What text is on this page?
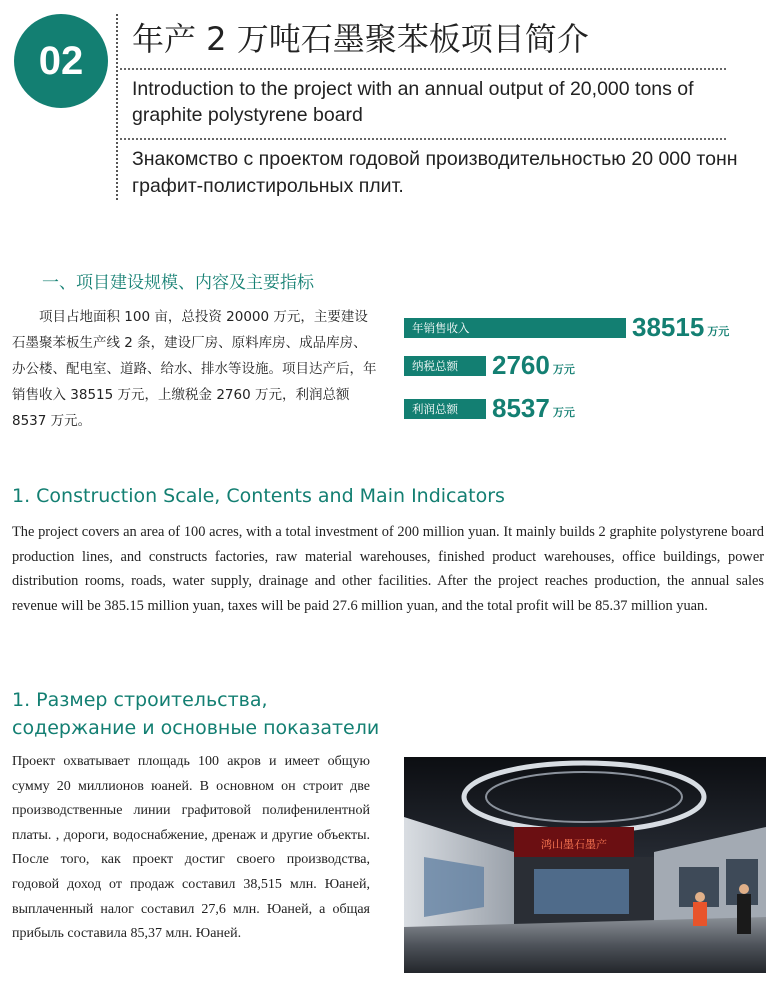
02 年产 2 万吨石墨聚苯板项目简介
Introduction to the project with an annual output of 20,000 tons of graphite polystyrene board
Знакомство с проектом годовой производительностью 20 000 тонн графит-полистирольных плит.
一、项目建设规模、内容及主要指标
项目占地面积 100 亩，总投资 20000 万元，主要建设石墨聚苯板生产线 2 条，建设厂房、原料库房、成品库房、办公楼、配电室、道路、给水、排水等设施。项目达产后，年销售收入 38515 万元，上缴税金 2760 万元，利润总额 8537 万元。
年销售收入	38515 万元
纳税总额 2760 万元
利润总额 8537 万元
1. Construction Scale, Contents and Main Indicators
The project covers an area of 100 acres, with a total investment of 200 million yuan. It mainly builds 2 graphite polystyrene board production lines, and constructs factories, raw material warehouses, finished product warehouses, office buildings, power distribution rooms, roads, water supply, drainage and other facilities. After the project reaches production, the annual sales revenue will be 385.15 million yuan, taxes will be paid 27.6 million yuan, and the total profit will be 85.37 million yuan.
1. Размер строительства, содержание и основные показатели
Проект охватывает площадь 100 акров и имеет общую сумму 20 миллионов юаней. В основном он строит две производственные линии графитовой полифенилентной платы. , дороги, водоснабжение, дренаж и другие объекты. После того, как проект достиг своего производства, годовой доход от продаж составил 38,515 млн. Юаней, выплаченный налог составил 27,6 млн. Юаней, а общая прибыль составила 85,37 млн. Юаней.
鸿山墨石墨产
